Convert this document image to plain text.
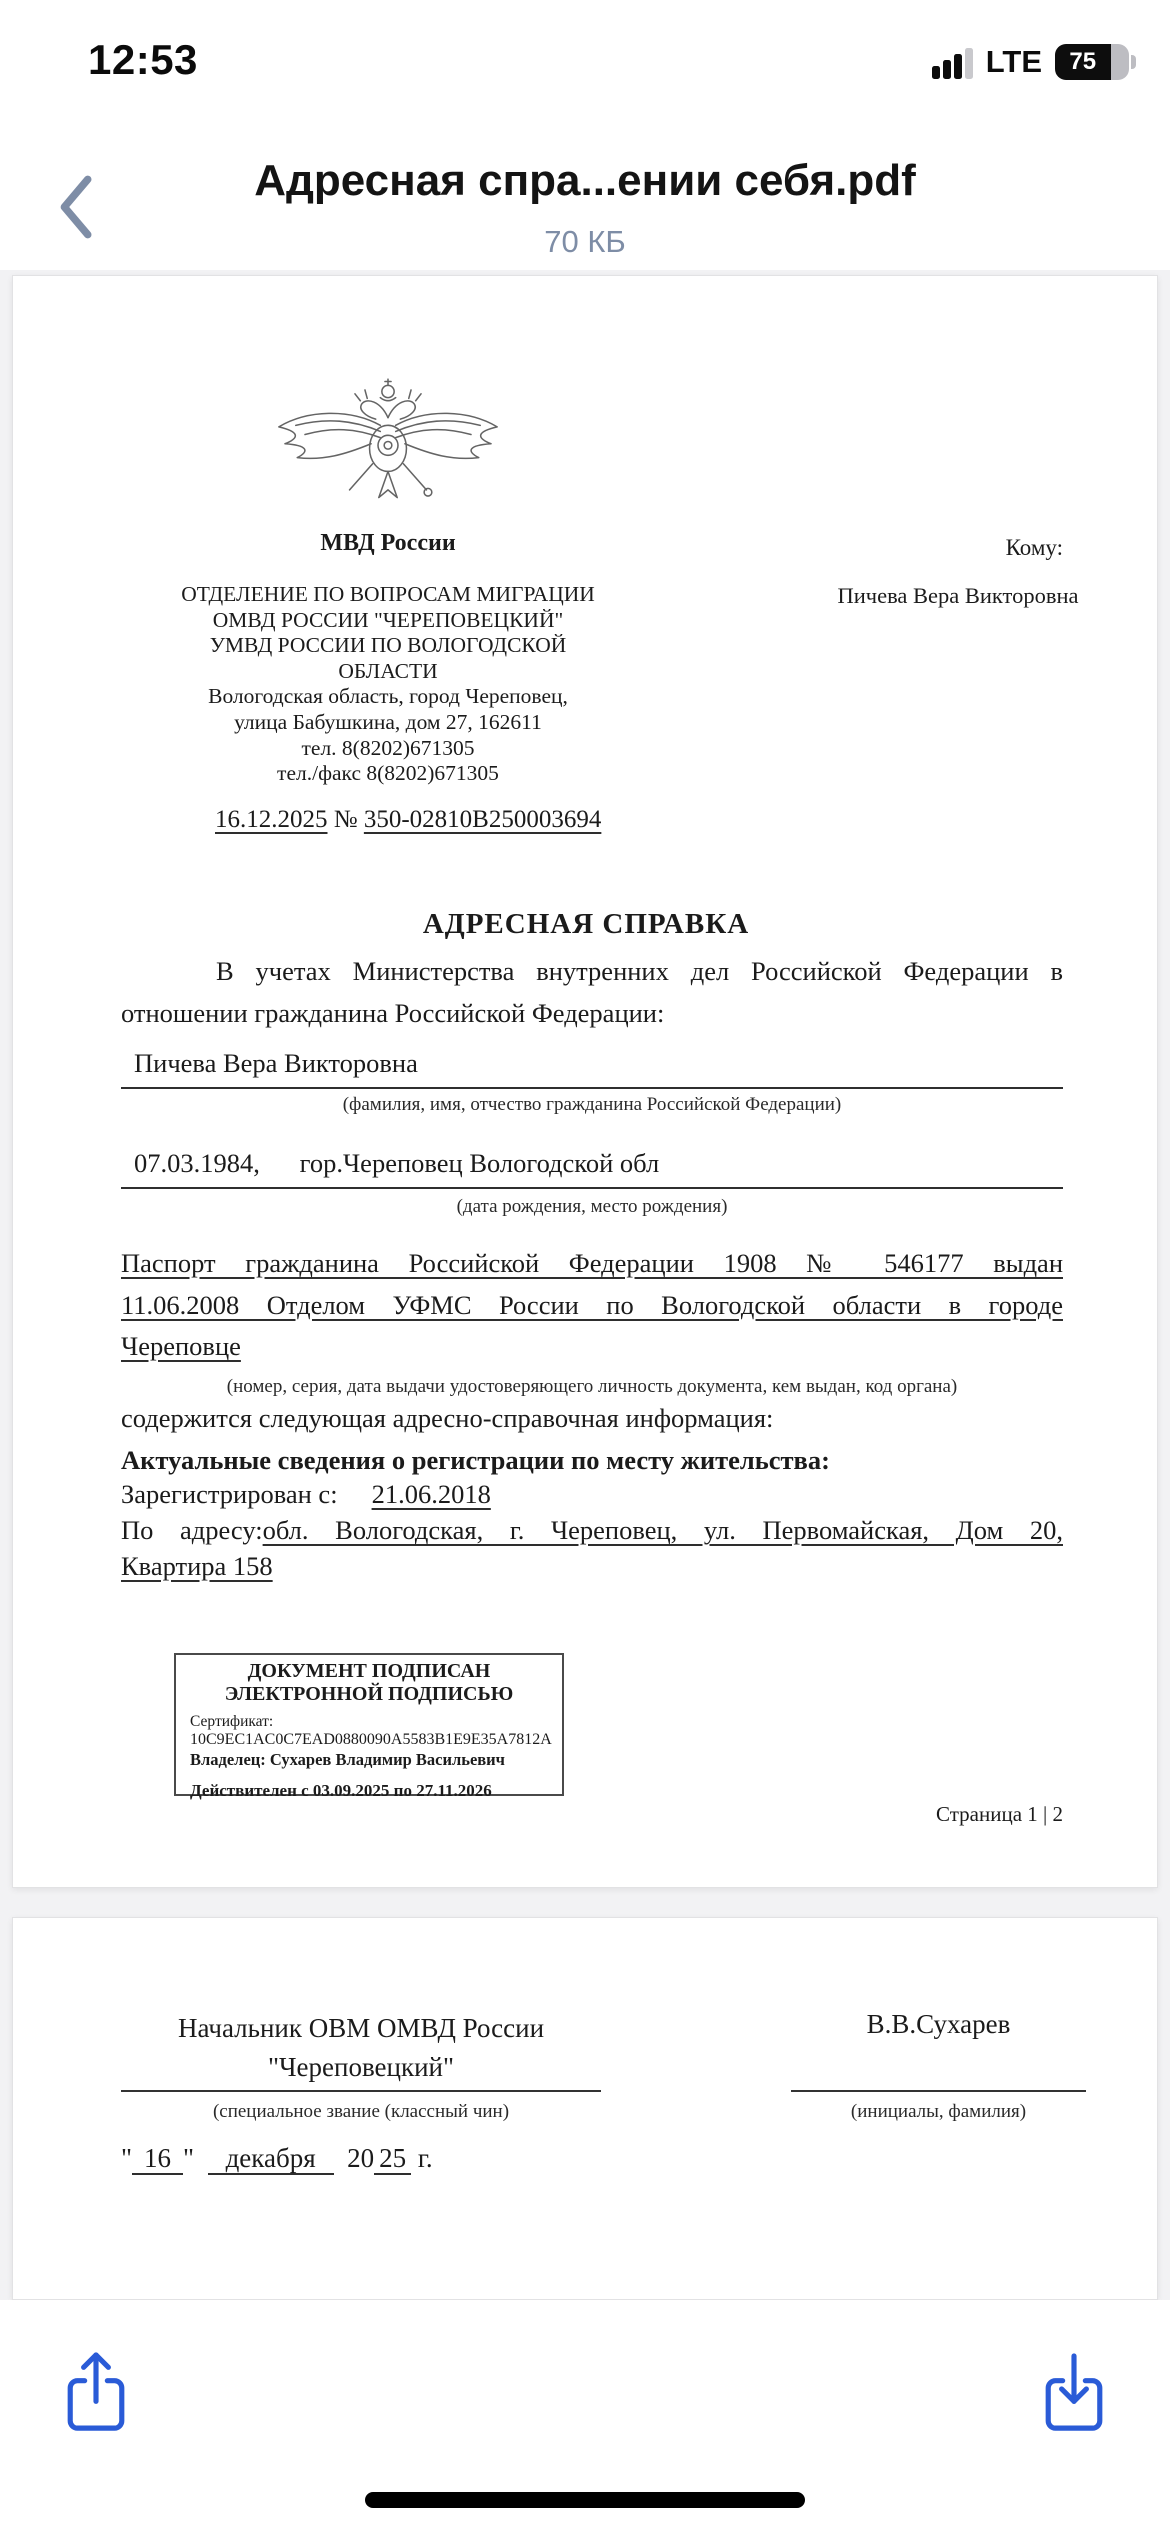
12:53	LTE	75
Адресная спра...ении себя.pdf
70 КБ
МВД России
ОТДЕЛЕНИЕ ПО ВОПРОСАМ МИГРАЦИИ
ОМВД РОССИИ "ЧЕРЕПОВЕЦКИЙ"
УМВД РОССИИ ПО ВОЛОГОДСКОЙ
ОБЛАСТИ
Вологодская область, город Череповец,
улица Бабушкина, дом 27, 162611
тел. 8(8202)671305
тел./факс 8(8202)671305
Кому:
Пичева Вера Викторовна
16.12.2025 № 350-02810B250003694
АДРЕСНАЯ СПРАВКА
В учетах Министерства внутренних дел Российской Федерации в
отношении гражданина Российской Федерации:
Пичева Вера Викторовна
(фамилия, имя, отчество гражданина Российской Федерации)
07.03.1984,      гор.Череповец Вологодской обл
(дата рождения, место рождения)
Паспорт гражданина Российской Федерации 1908 № 546177 выдан
11.06.2008 Отделом УФМС России по Вологодской области в городе
Череповце
(номер, серия, дата выдачи удостоверяющего личность документа, кем выдан, код органа)
содержится следующая адресно-справочная информация:
Актуальные сведения о регистрации по месту жительства:
Зарегистрирован с: 21.06.2018
По адресу:обл. Вологодская, г. Череповец, ул. Первомайская, Дом 20,
Квартира 158
ДОКУМЕНТ ПОДПИСАН
ЭЛЕКТРОННОЙ ПОДПИСЬЮ
Сертификат:
10C9EC1AC0C7EAD0880090A5583B1E9E35A7812A
Владелец: Сухарев Владимир Васильевич
Действителен с 03.09.2025 по 27.11.2026
Страница 1 | 2
Начальник ОВМ ОМВД России
"Череповецкий"
(специальное звание (классный чин)
В.В.Сухарев
(инициалы, фамилия)
" 16 " декабря 20 25 г.
